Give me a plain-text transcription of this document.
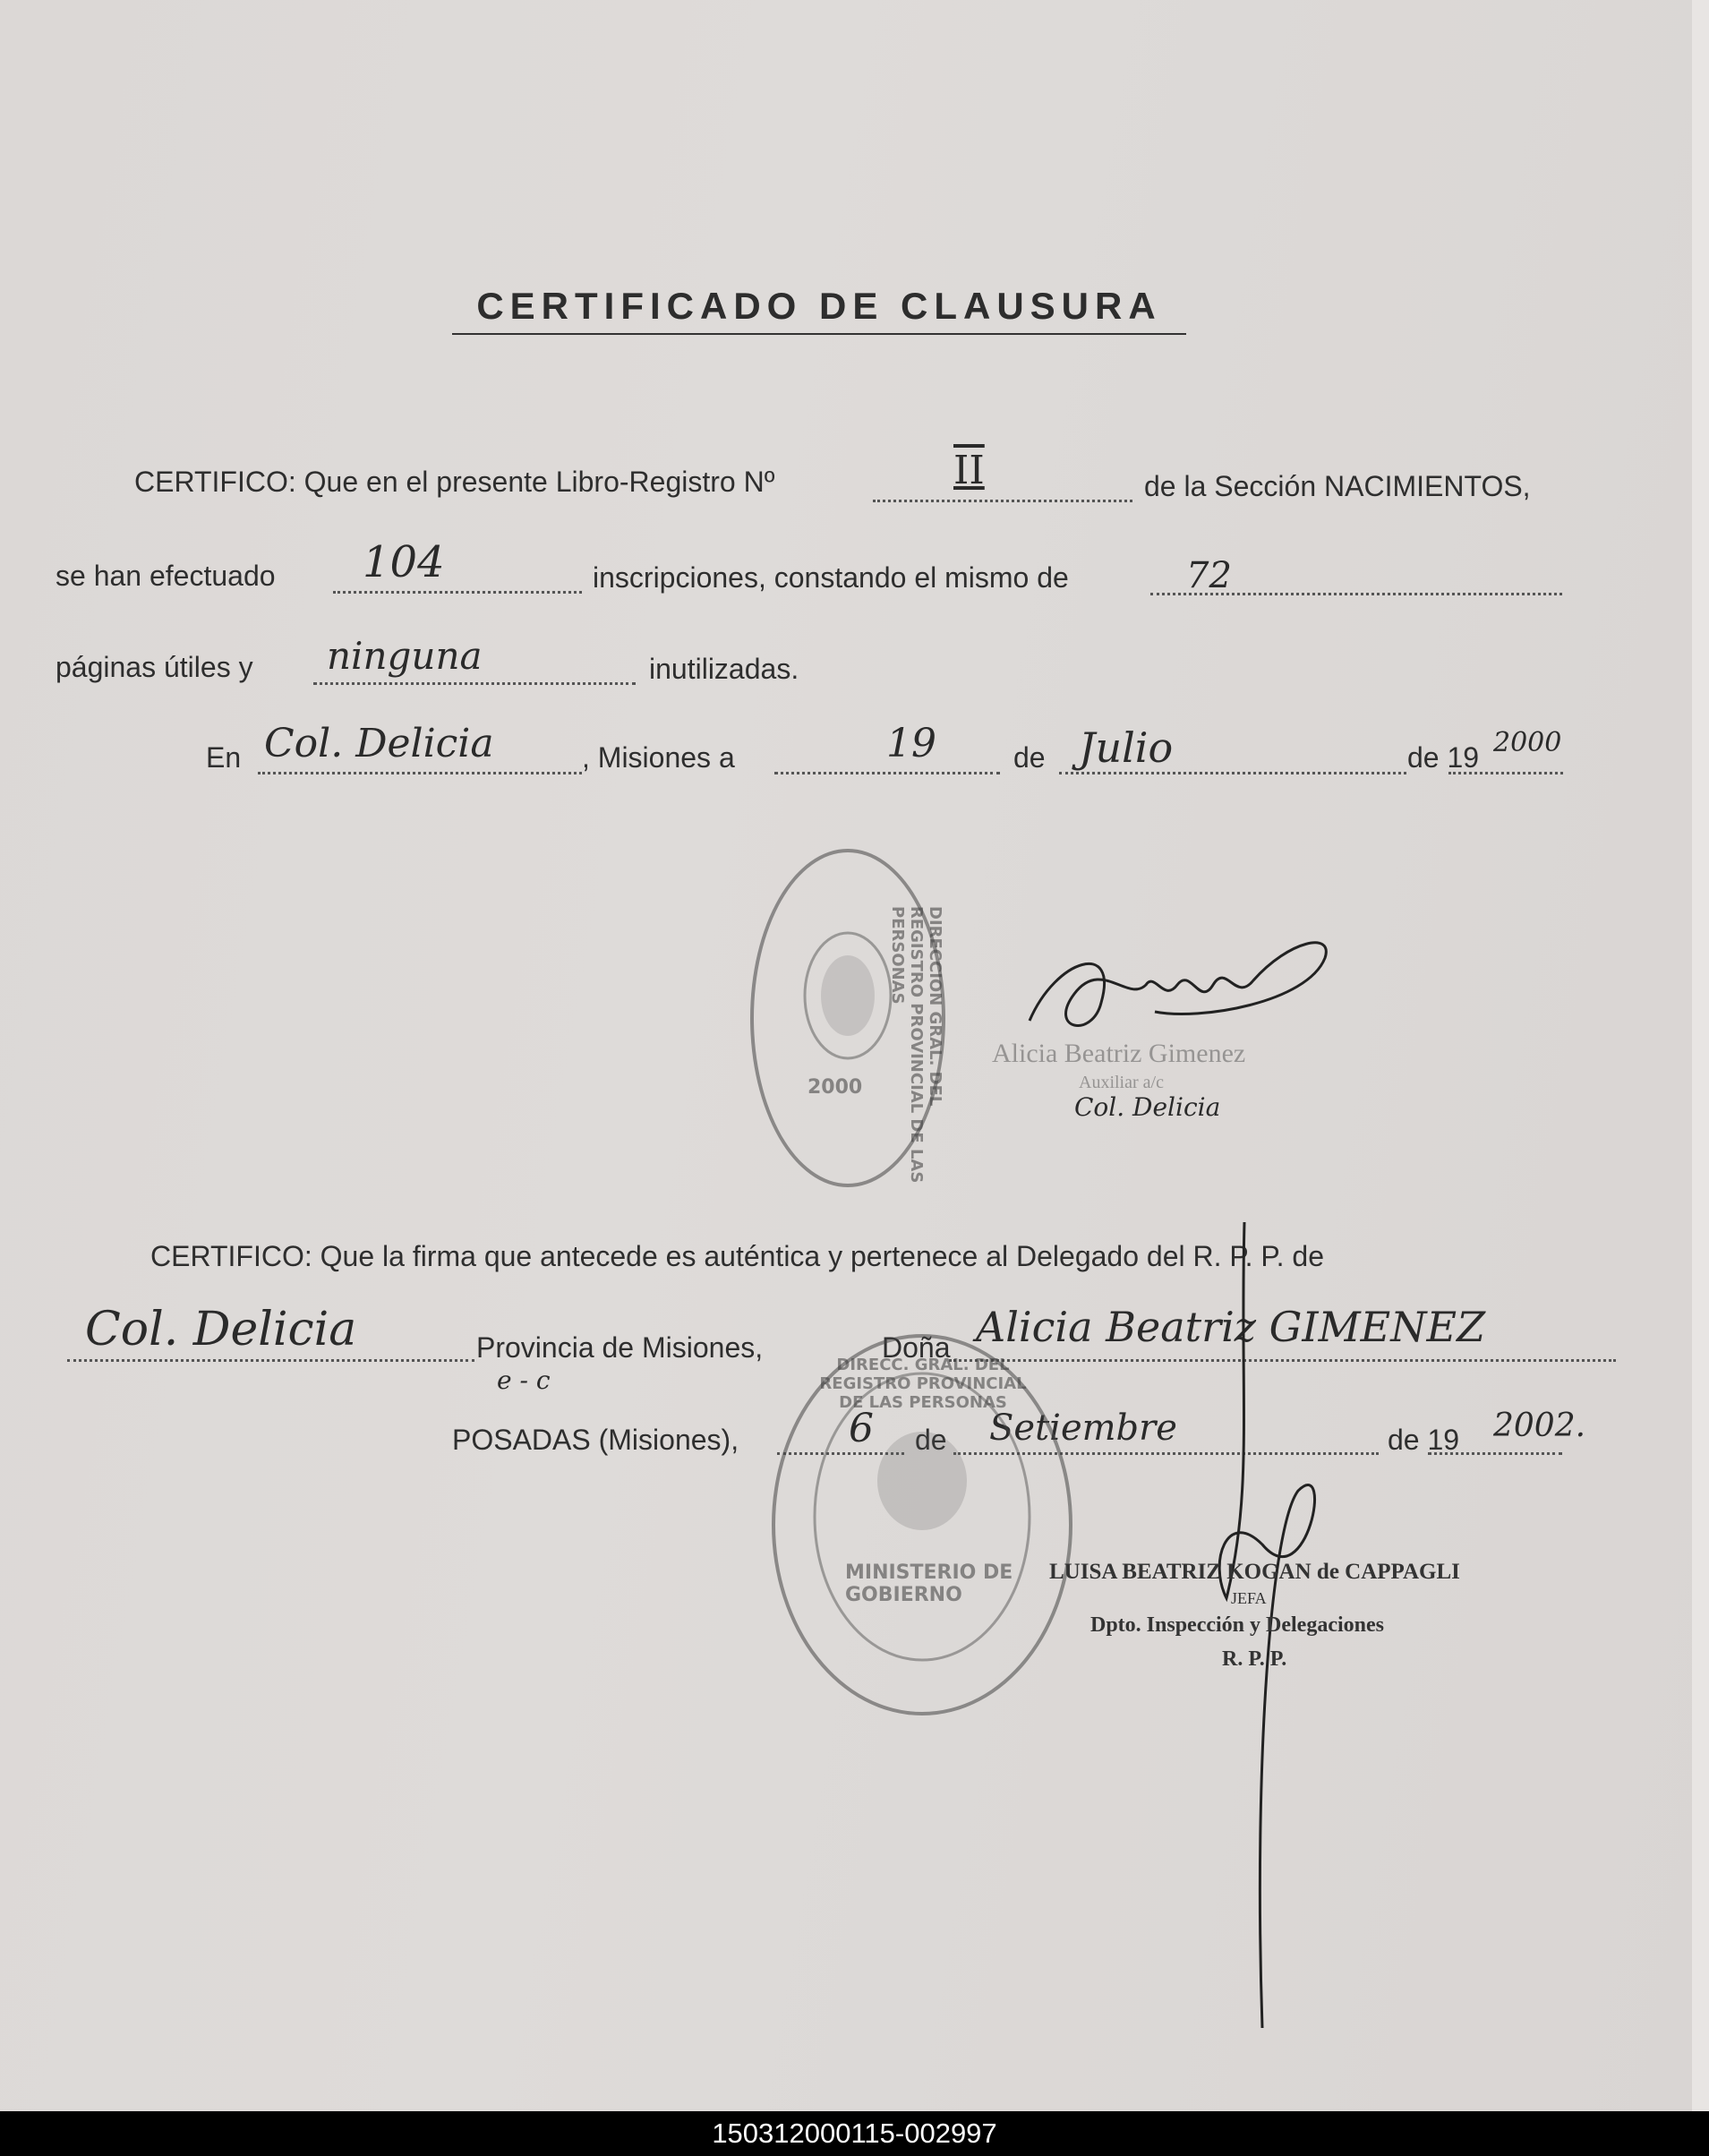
CERTIFICADO DE CLAUSURA
CERTIFICO: Que en el presente Libro-Registro Nº	II	de la Sección NACIMIENTOS,
se han efectuado 104	inscripciones, constando el mismo de	72
páginas útiles y ninguna	inutilizadas.
En Col. Delicia	, Misiones a	19	de Julio	de 19 2000
2000	DIRECCION GRAL. DEL REGISTRO PROVINCIAL DE LAS PERSONAS
Alicia Beatriz Gimenez
Auxiliar a/c
Col. Delicia
CERTIFICO: Que la firma que antecede es auténtica y pertenece al Delegado del R. P. P. de
Col. Delicia	Provincia de Misiones,	Doña Alicia Beatriz GIMENEZ
e - c
POSADAS (Misiones),	6	Setiembre	de 19 2002.
MINISTERIO DE GOBIERNO
DIRECC. GRAL. DEL REGISTRO PROVINCIAL DE LAS PERSONAS
LUISA BEATRIZ KOGAN de CAPPAGLI
JEFA
Dpto. Inspección y Delegaciones
R. P. P.
150312000115-002997
